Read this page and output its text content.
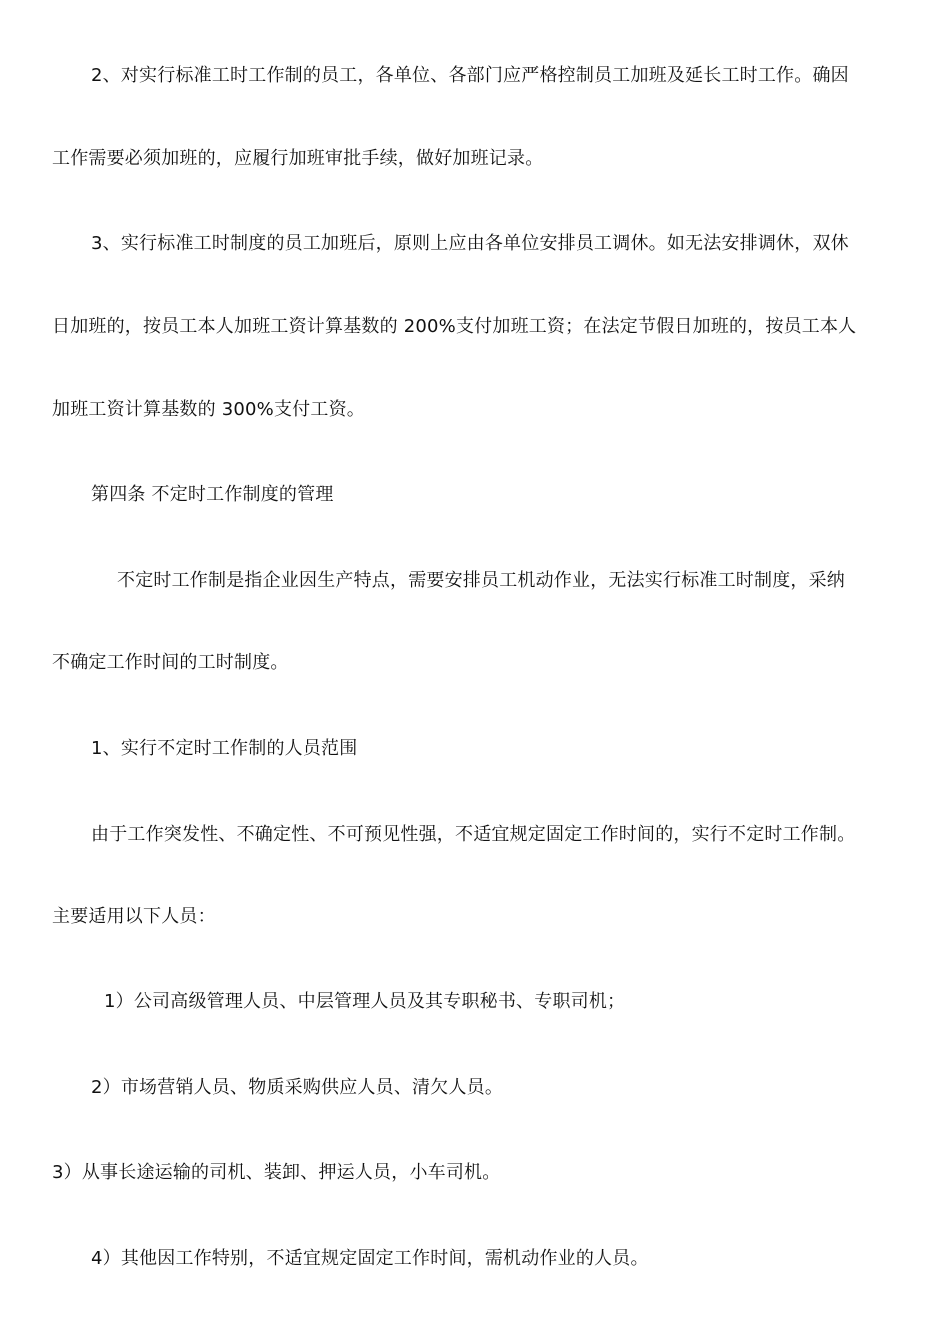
2、对实行标准工时工作制的员工，各单位、各部门应严格控制员工加班及延长工时工作。确因
工作需要必须加班的，应履行加班审批手续，做好加班记录。
3、实行标准工时制度的员工加班后，原则上应由各单位安排员工调休。如无法安排调休，双休
日加班的，按员工本人加班工资计算基数的 200%支付加班工资；在法定节假日加班的，按员工本人
加班工资计算基数的 300%支付工资。
第四条 不定时工作制度的管理
不定时工作制是指企业因生产特点，需要安排员工机动作业，无法实行标准工时制度，采纳
不确定工作时间的工时制度。
1、实行不定时工作制的人员范围
由于工作突发性、不确定性、不可预见性强，不适宜规定固定工作时间的，实行不定时工作制。
主要适用以下人员：
1）公司高级管理人员、中层管理人员及其专职秘书、专职司机；
2）市场营销人员、物质采购供应人员、清欠人员。
3）从事长途运输的司机、装卸、押运人员，小车司机。
4）其他因工作特别，不适宜规定固定工作时间，需机动作业的人员。
